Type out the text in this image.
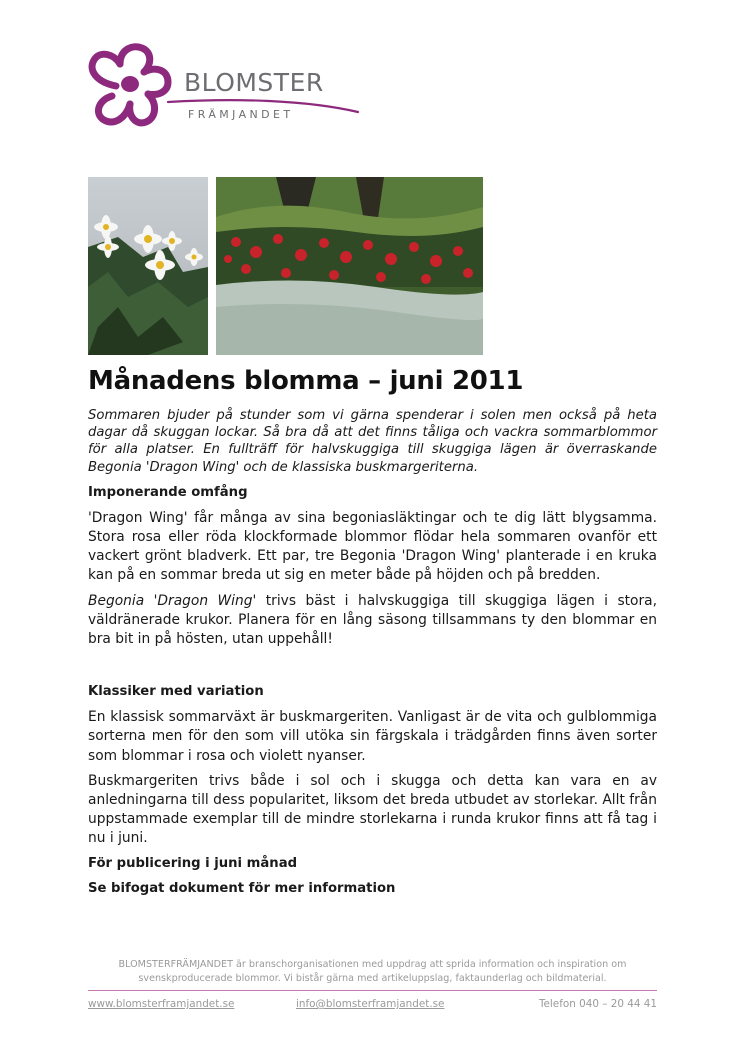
BLOMSTER
FRÄMJANDET
Månadens blomma – juni 2011

Sommaren bjuder på stunder som vi gärna spenderar i solen men också på heta dagar då skuggan lockar. Så bra då att det finns tåliga och vackra sommarblommor för alla platser. En fullträff för halvskuggiga till skuggiga lägen är överraskande Begonia 'Dragon Wing' och de klassiska buskmargeriterna.

Imponerande omfång

'Dragon Wing' får många av sina begoniasläktingar och te dig lätt blygsamma. Stora rosa eller röda klockformade blommor flödar hela sommaren ovanför ett vackert grönt bladverk. Ett par, tre Begonia 'Dragon Wing' planterade i en kruka kan på en sommar breda ut sig en meter både på höjden och på bredden.

Begonia 'Dragon Wing' trivs bäst i halvskuggiga till skuggiga lägen i stora, väldränerade krukor. Planera för en lång säsong tillsammans ty den blommar en bra bit in på hösten, utan uppehåll!

Klassiker med variation

En klassisk sommarväxt är buskmargeriten. Vanligast är de vita och gulblommiga sorterna men för den som vill utöka sin färgskala i trädgården finns även sorter som blommar i rosa och violett nyanser.

Buskmargeriten trivs både i sol och i skugga och detta kan vara en av anledningarna till dess popularitet, liksom det breda utbudet av storlekar. Allt från uppstammade exemplar till de mindre storlekarna i runda krukor finns att få tag i nu i juni.

För publicering i juni månad
Se bifogat dokument för mer information
BLOMSTERFRÄMJANDET är branschorganisationen med uppdrag att sprida information och inspiration om svenskproducerade blommor. Vi bistår gärna med artikeluppslag, faktaunderlag och bildmaterial.
www.blomsterframjandet.se	info@blomsterframjandet.se	Telefon 040 – 20 44 41
